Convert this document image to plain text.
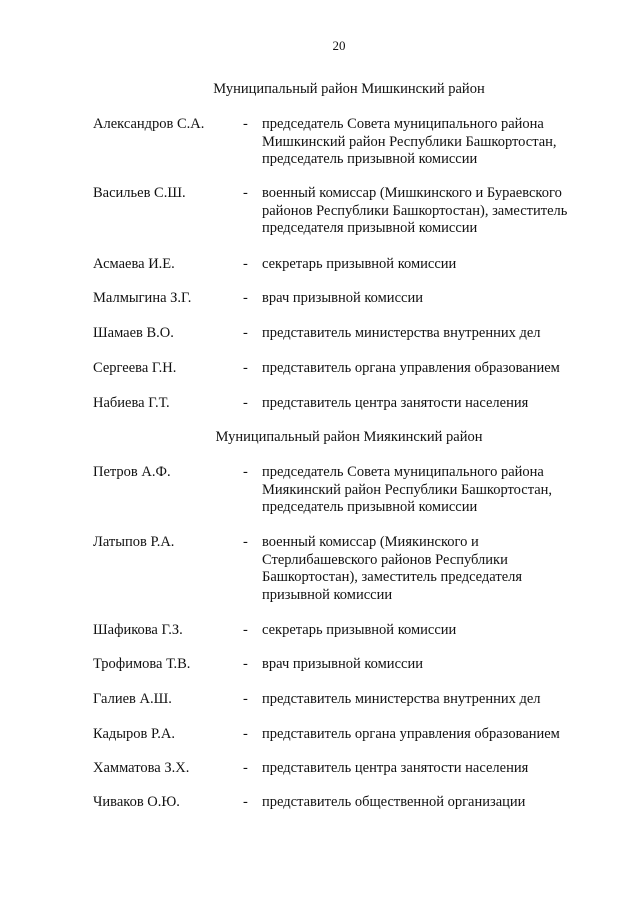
20
Муниципальный район Мишкинский район
Александров С.А.	- председатель Совета муниципального района
Мишкинский район Республики Башкортостан,
председатель призывной комиссии
Васильев С.Ш.	- военный комиссар (Мишкинского и Бураевского
районов Республики Башкортостан), заместитель
председателя призывной комиссии
Асмаева И.Е.	- секретарь призывной комиссии
Малмыгина З.Г.	- врач призывной комиссии
Шамаев В.О.	- представитель министерства внутренних дел
Сергеева Г.Н.	- представитель органа управления образованием
Набиева Г.Т.	- представитель центра занятости населения
Муниципальный район Мияк​инский район
Петров А.Ф.	- председатель Совета муниципального района
Миякинский район Республики Башкортостан,
председатель призывной комиссии
Латыпов Р.А.	- военный комиссар (Миякинского и
Стерлибашевского районов Республики
Башкортостан), заместитель председателя
призывной комиссии
Шафикова Г.З.	- секретарь призывной комиссии
Трофимова Т.В.	- врач призывной комиссии
Галиев А.Ш.	- представитель министерства внутренних дел
Кадыров Р.А.	- представитель органа управления образованием
Хамматова З.Х.	- представитель центра занятости населения
Чиваков О.Ю.	- представитель общественной организации
